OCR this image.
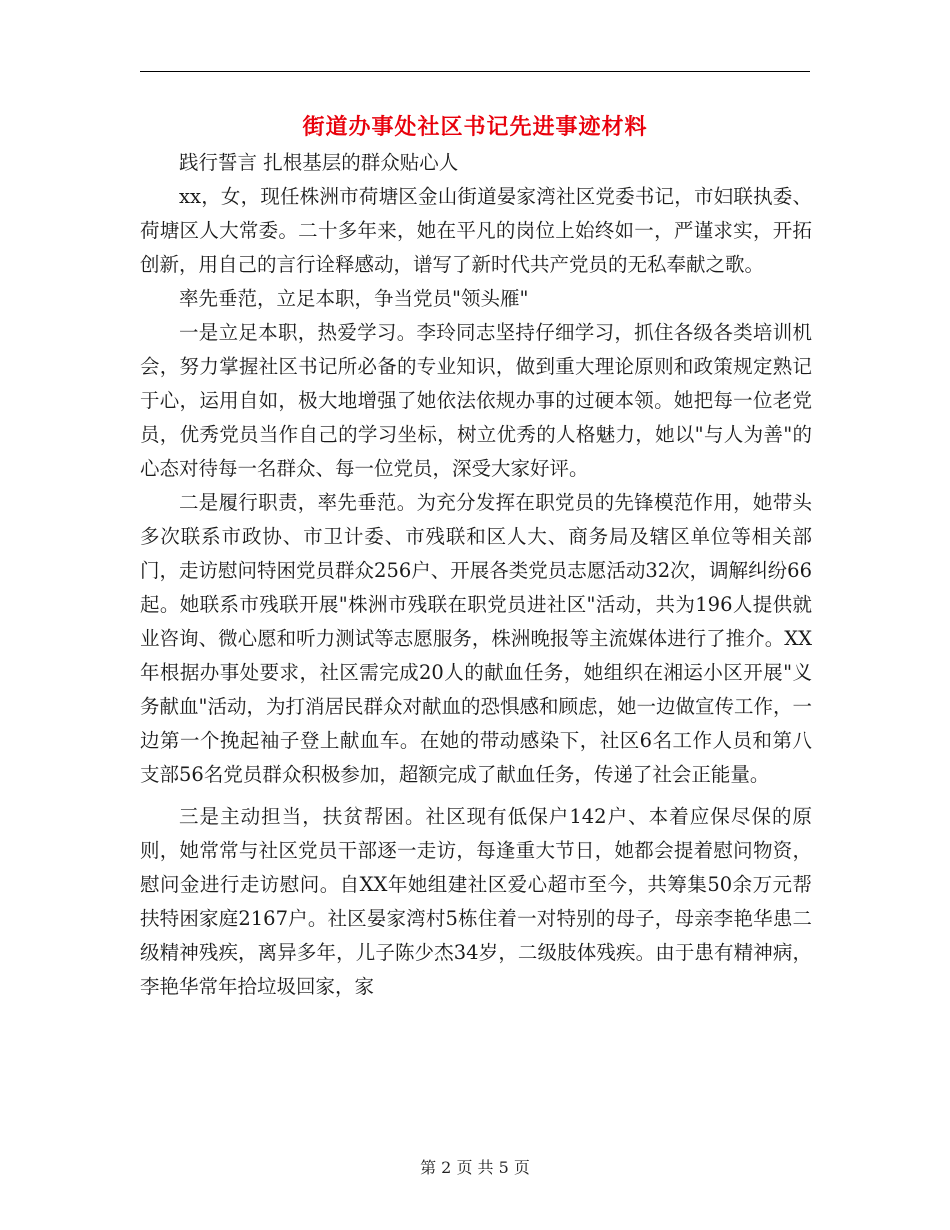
街道办事处社区书记先进事迹材料

践行誓言 扎根基层的群众贴心人

xx，女，现任株洲市荷塘区金山街道晏家湾社区党委书记，市妇联执委、荷塘区人大常委。二十多年来，她在平凡的岗位上始终如一，严谨求实，开拓创新，用自己的言行诠释感动，谱写了新时代共产党员的无私奉献之歌。

率先垂范，立足本职，争当党员"领头雁"

一是立足本职，热爱学习。李玲同志坚持仔细学习，抓住各级各类培训机会，努力掌握社区书记所必备的专业知识，做到重大理论原则和政策规定熟记于心，运用自如，极大地增强了她依法依规办事的过硬本领。她把每一位老党员，优秀党员当作自己的学习坐标，树立优秀的人格魅力，她以"与人为善"的心态对待每一名群众、每一位党员，深受大家好评。

二是履行职责，率先垂范。为充分发挥在职党员的先锋模范作用，她带头多次联系市政协、市卫计委、市残联和区人大、商务局及辖区单位等相关部门，走访慰问特困党员群众256户、开展各类党员志愿活动32次，调解纠纷66起。她联系市残联开展"株洲市残联在职党员进社区"活动，共为196人提供就业咨询、微心愿和听力测试等志愿服务，株洲晚报等主流媒体进行了推介。XX年根据办事处要求，社区需完成20人的献血任务，她组织在湘运小区开展"义务献血"活动，为打消居民群众对献血的恐惧感和顾虑，她一边做宣传工作，一边第一个挽起袖子登上献血车。在她的带动感染下，社区6名工作人员和第八支部56名党员群众积极参加，超额完成了献血任务，传递了社会正能量。

三是主动担当，扶贫帮困。社区现有低保户142户、本着应保尽保的原则，她常常与社区党员干部逐一走访，每逢重大节日，她都会提着慰问物资，慰问金进行走访慰问。自XX年她组建社区爱心超市至今，共筹集50余万元帮扶特困家庭2167户。社区晏家湾村5栋住着一对特别的母子，母亲李艳华患二级精神残疾，离异多年，儿子陈少杰34岁，二级肢体残疾。由于患有精神病，李艳华常年拾垃圾回家，家

第 2 页 共 5 页
